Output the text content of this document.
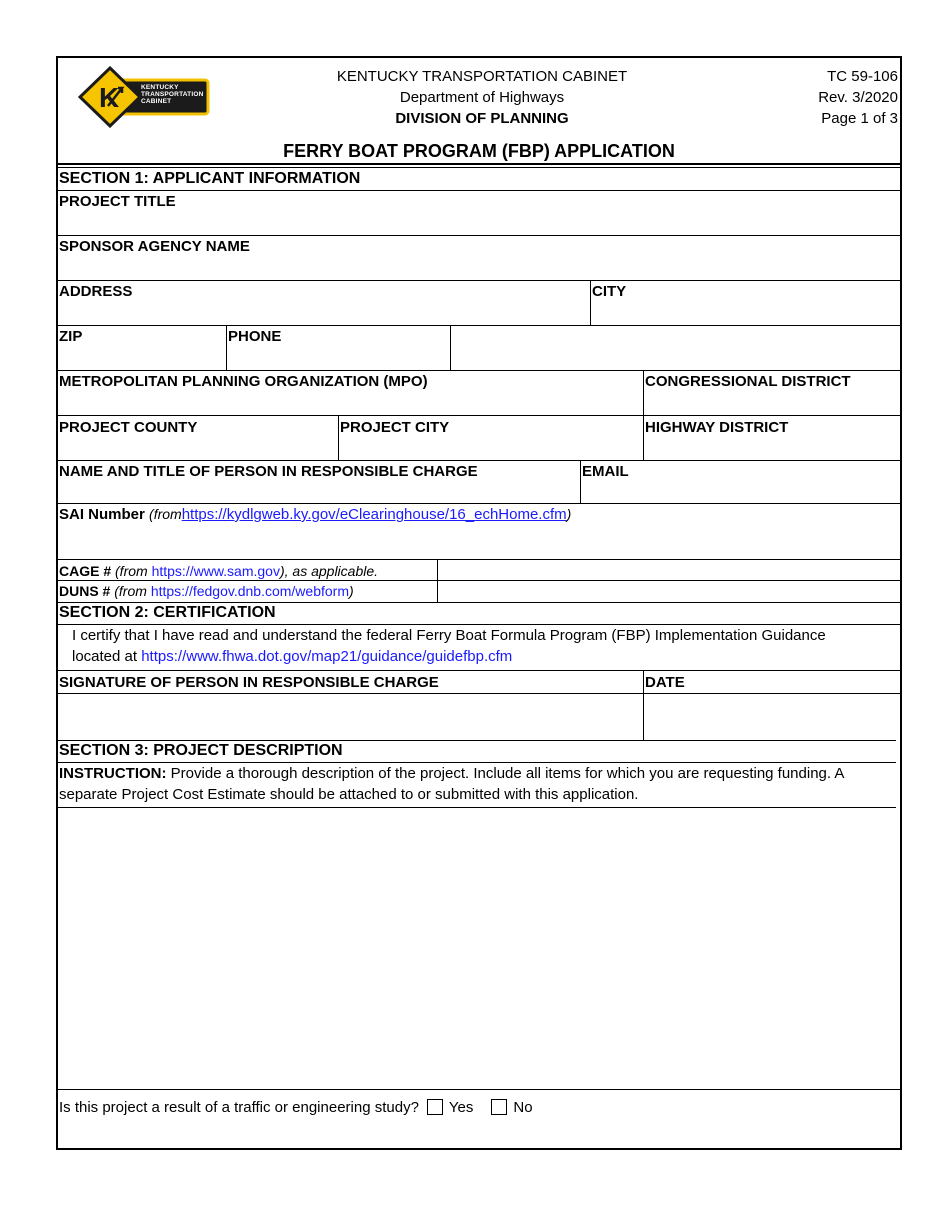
K	KENTUCKY TRANSPORTATION CABINET
KENTUCKY TRANSPORTATION CABINET
Department of Highways
DIVISION OF PLANNING
TC 59-106
Rev. 3/2020
Page 1 of 3
FERRY BOAT PROGRAM (FBP) APPLICATION
SECTION 1: APPLICANT INFORMATION
PROJECT TITLE
SPONSOR AGENCY NAME
ADDRESS	CITY
ZIP	PHONE
METROPOLITAN PLANNING ORGANIZATION (MPO)	CONGRESSIONAL DISTRICT
PROJECT COUNTY	PROJECT CITY	HIGHWAY DISTRICT
NAME AND TITLE OF PERSON IN RESPONSIBLE CHARGE	EMAIL
SAI Number (fromhttps://kydlgweb.ky.gov/eClearinghouse/16_echHome.cfm)
CAGE # (from https://www.sam.gov), as applicable.
DUNS # (from https://fedgov.dnb.com/webform)
SECTION 2: CERTIFICATION
I certify that I have read and understand the federal Ferry Boat Formula Program (FBP) Implementation Guidance
located at https://www.fhwa.dot.gov/map21/guidance/guidefbp.cfm
SIGNATURE OF PERSON IN RESPONSIBLE CHARGE	DATE
SECTION 3: PROJECT DESCRIPTION
INSTRUCTION: Provide a thorough description of the project. Include all items for which you are requesting funding. A
separate Project Cost Estimate should be attached to or submitted with this application.
Is this project a result of a traffic or engineering study? Yes	No
